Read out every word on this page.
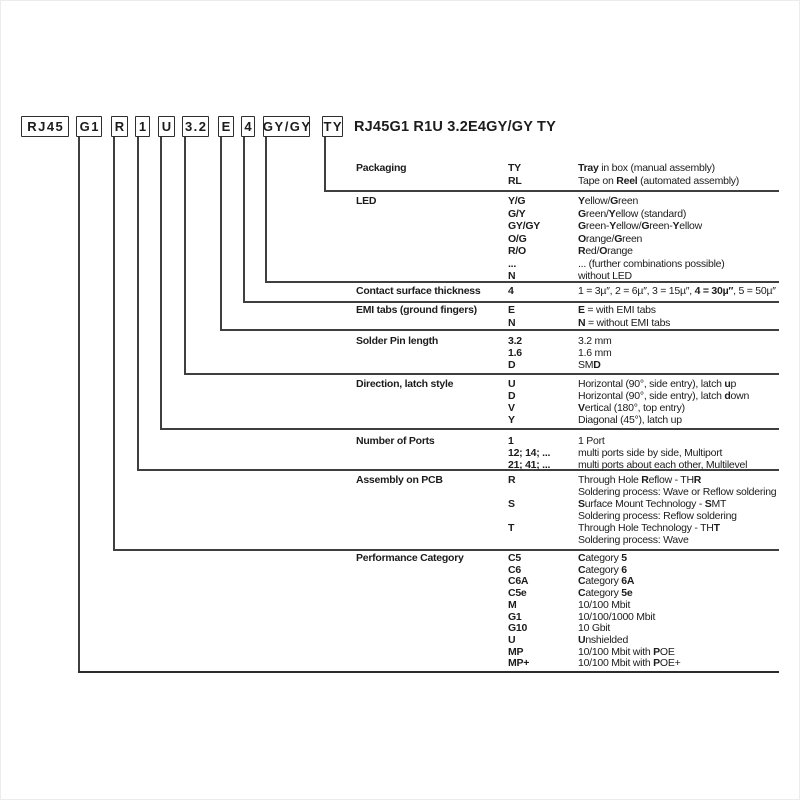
RJ45G1 R1U 3.2E4GY/GY TY
RJ45 G1 R 1 U 3.2 E 4 GY/GY TY
Packaging	TY	Tray in box (manual assembly)
RL	Tape on Reel (automated assembly)
LED	Y/G	Yellow/Green
G/Y	Green/Yellow (standard)
GY/GY	Green-Yellow/Green-Yellow
O/G	Orange/Green
R/O	Red/Orange
...	... (further combinations possible)
N	without LED
Contact surface thickness	4	1 = 3µ″, 2 = 6µ″, 3 = 15µ″, 4 = 30µ″, 5 = 50µ″
EMI tabs (ground fingers)	E	E = with EMI tabs
N	N = without EMI tabs
Solder Pin length	3.2	3.2 mm
1.6	1.6 mm
D	SMD
Direction, latch style	U	Horizontal (90°, side entry), latch up
D	Horizontal (90°, side entry), latch down
V	Vertical (180°, top entry)
Y	Diagonal (45°), latch up
Number of Ports	1	1 Port
12; 14; ...	multi ports side by side, Multiport
21; 41; ...	multi ports about each other, Multilevel
Assembly on PCB	R	Through Hole Reflow - THR
Soldering process: Wave or Reflow soldering
S	Surface Mount Technology - SMT
Soldering process: Reflow soldering
T	Through Hole Technology - THT
Soldering process: Wave
Performance Category	C5	Category 5
C6	Category 6
C6A	Category 6A
C5e	Category 5e
M	10/100 Mbit
G1	10/100/1000 Mbit
G10	10 Gbit
U	Unshielded
MP	10/100 Mbit with POE
MP+	10/100 Mbit with POE+
